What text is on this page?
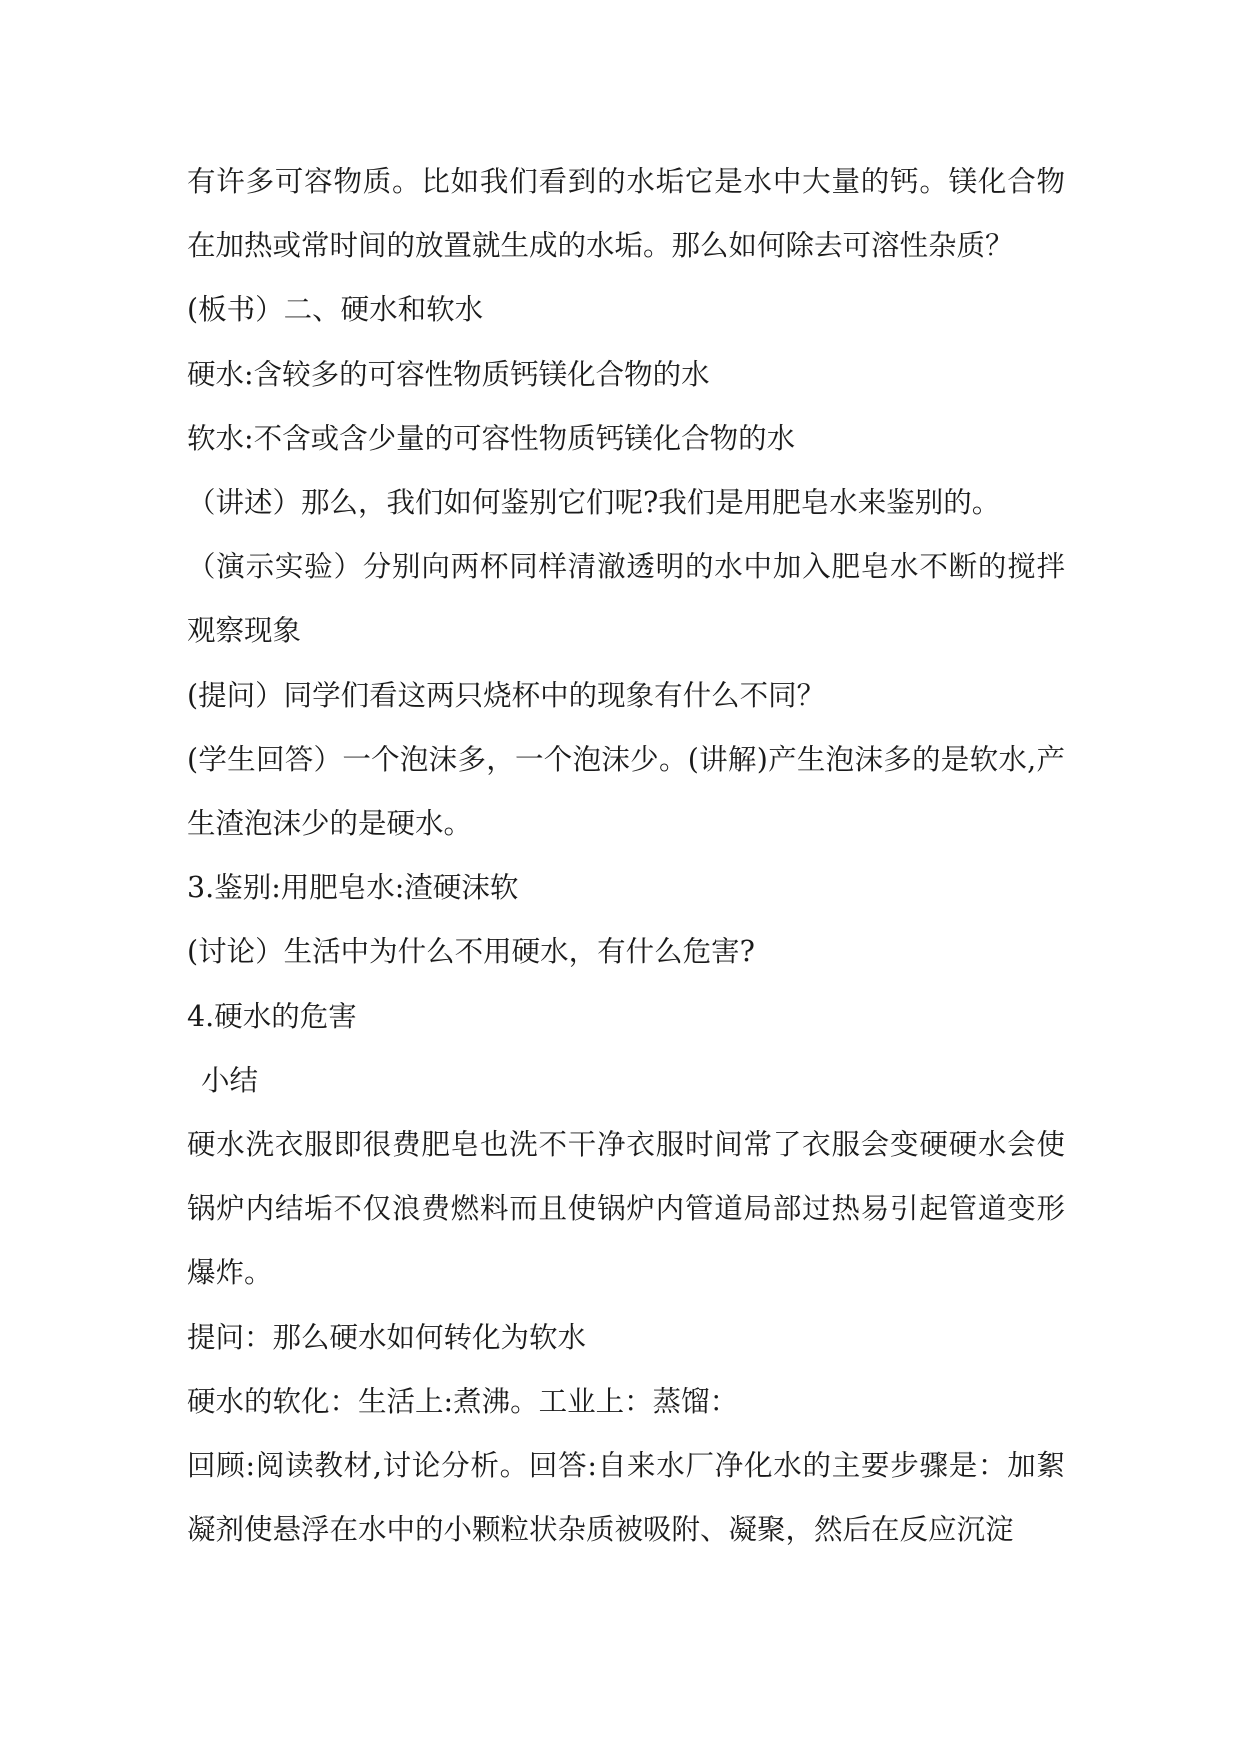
有许多可容物质。比如我们看到的水垢它是水中大量的钙。镁化合物在加热或常时间的放置就生成的水垢。那么如何除去可溶性杂质？

(板书）二、硬水和软水

硬水:含较多的可容性物质钙镁化合物的水

软水:不含或含少量的可容性物质钙镁化合物的水

（讲述）那么，我们如何鉴别它们呢?我们是用肥皂水来鉴别的。

（演示实验）分别向两杯同样清澈透明的水中加入肥皂水不断的搅拌观察现象

(提问）同学们看这两只烧杯中的现象有什么不同？

(学生回答）一个泡沫多，一个泡沫少。(讲解)产生泡沫多的是软水,产生渣泡沫少的是硬水。

3.鉴别:用肥皂水:渣硬沫软

(讨论）生活中为什么不用硬水，有什么危害?

4.硬水的危害

小结

硬水洗衣服即很费肥皂也洗不干净衣服时间常了衣服会变硬硬水会使锅炉内结垢不仅浪费燃料而且使锅炉内管道局部过热易引起管道变形爆炸。

提问：那么硬水如何转化为软水

硬水的软化：生活上:煮沸。工业上：蒸馏：

回顾:阅读教材,讨论分析。回答:自来水厂净化水的主要步骤是：加絮凝剂使悬浮在水中的小颗粒状杂质被吸附、凝聚，然后在反应沉淀
